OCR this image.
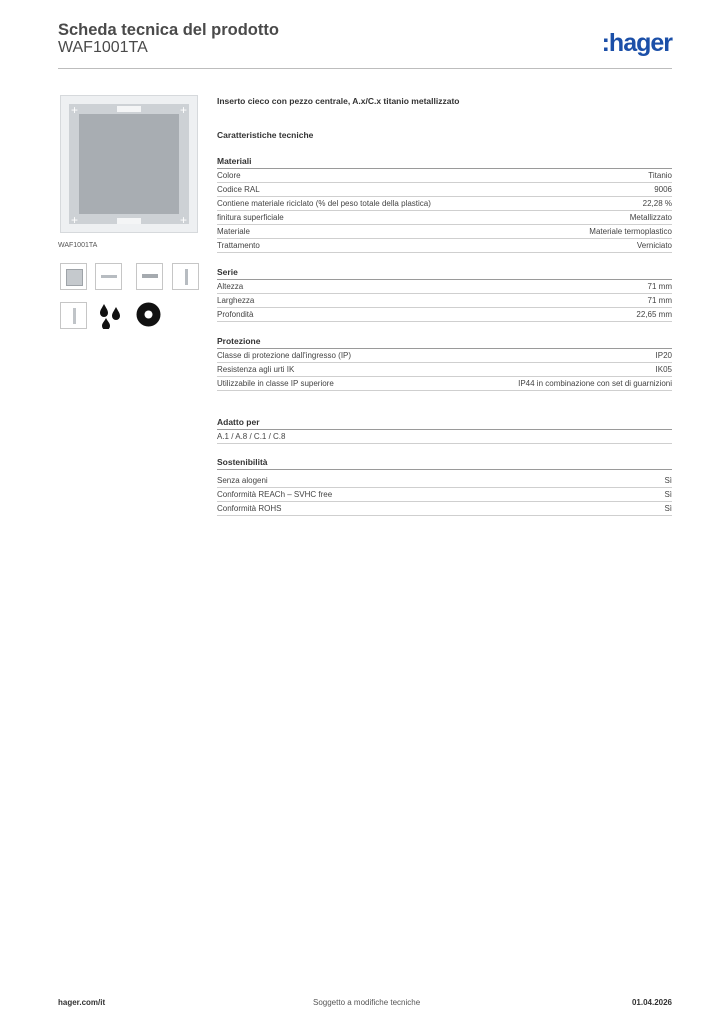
Scheda tecnica del prodotto
WAF1001TA	:hager
+	+
+	+
WAF1001TA
Inserto cieco con pezzo centrale, A.x/C.x titanio metallizzato
Caratteristiche tecniche
Materiali
Colore	Titanio
Codice RAL	9006
Contiene materiale riciclato (% del peso totale della plastica)	22,28 %
finitura superficiale	Metallizzato
Materiale	Materiale termoplastico
Trattamento	Verniciato
Serie
Altezza	71 mm
Larghezza	71 mm
Profondità	22,65 mm
Protezione
Classe di protezione dall'ingresso (IP)	IP20
Resistenza agli urti IK	IK05
Utilizzabile in classe IP superiore	IP44 in combinazione con set di guarnizioni
Adatto per
A.1 / A.8 / C.1 / C.8
Sostenibilità
Senza alogeni	Sì
Conformità REACh – SVHC free	Sì
Conformità ROHS	Sì
hager.com/it	Soggetto a modifiche tecniche	01.04.2026
